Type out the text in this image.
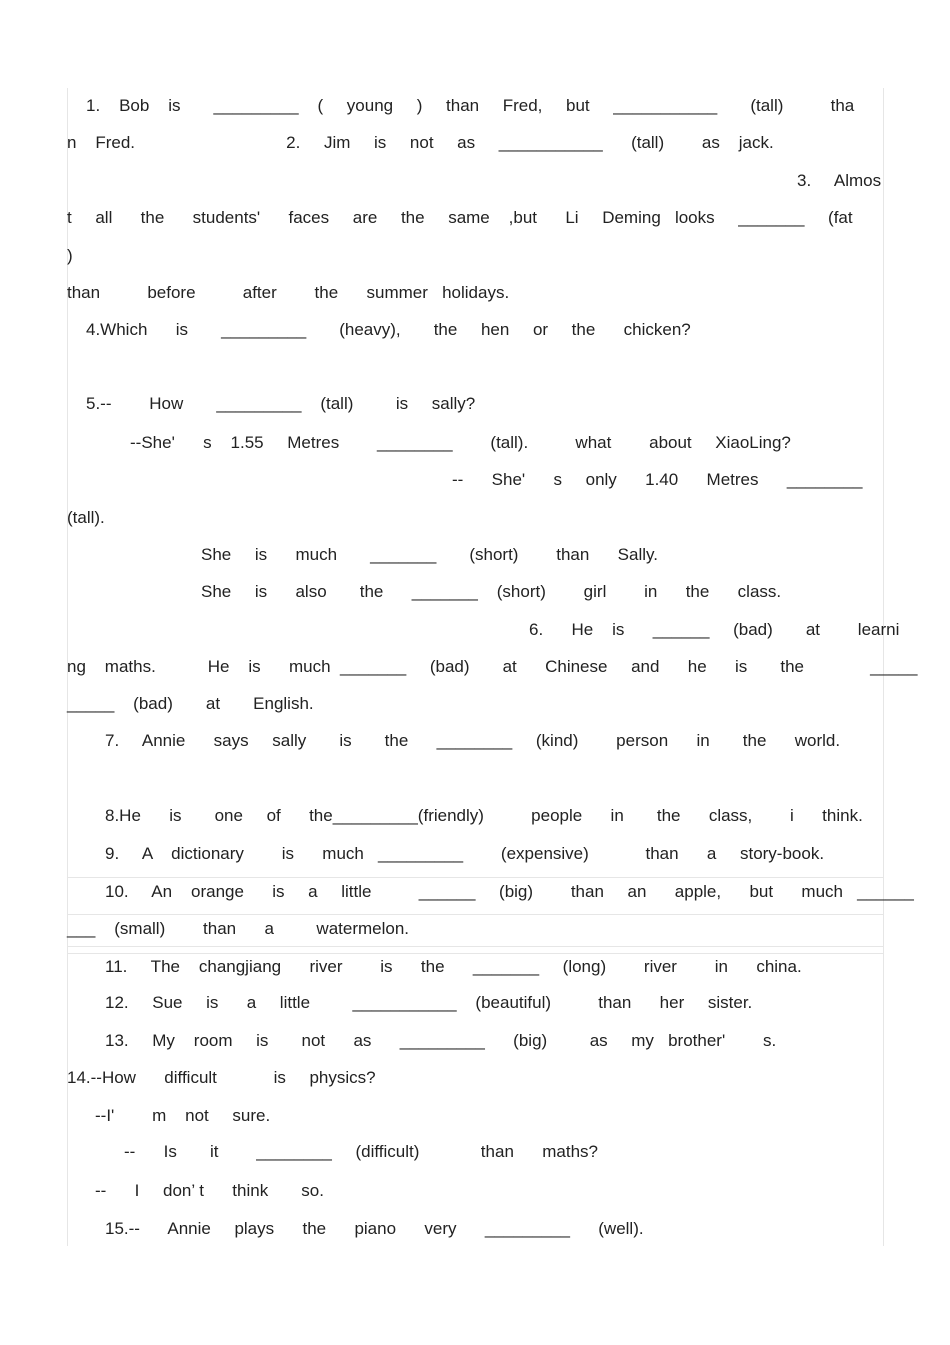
1.    Bob    is       _________    (     young     )     than     Fred,     but     ___________       (tall)          tha
n    Fred.                                2.     Jim     is     not     as     ___________      (tall)        as    jack.
3.     Almos
t     all      the      students'      faces     are     the     same    ,but      Li     Deming   looks     _______     (fat
)
than          before          after        the      summer   holidays.
4.Which      is       _________       (heavy),       the     hen     or     the      chicken?
5.--        How       _________    (tall)         is     sally?
--She'      s    1.55     Metres        ________        (tall).          what        about     XiaoLing?
--      She'      s     only      1.40      Metres      ________
(tall).
She     is      much       _______       (short)        than      Sally.
She     is      also       the      _______    (short)        girl        in      the      class.
6.      He    is      ______     (bad)       at        learni
ng    maths.           He    is      much  _______     (bad)       at      Chinese     and      he      is       the              _____
_____    (bad)       at       English.
7.     Annie      says     sally       is       the      ________     (kind)        person      in       the      world.
8.He      is       one     of      the_________(friendly)          people      in       the      class,        i      think.
9.     A    dictionary        is      much   _________        (expensive)            than      a     story-book.
10.     An    orange      is     a     little          ______     (big)        than     an      apple,      but      much   ______
___    (small)        than      a         watermelon.
11.     The    changjiang      river        is      the      _______     (long)        river        in      china.
12.     Sue     is      a     little         ___________    (beautiful)          than      her     sister.
13.     My    room     is       not      as      _________      (big)         as     my   brother'        s.
14.--How      difficult            is     physics?
--I'        m    not     sure.
--      Is       it        ________     (difficult)             than      maths?
--      I     don’ t      think       so.
15.--      Annie     plays      the      piano      very      _________      (well).
